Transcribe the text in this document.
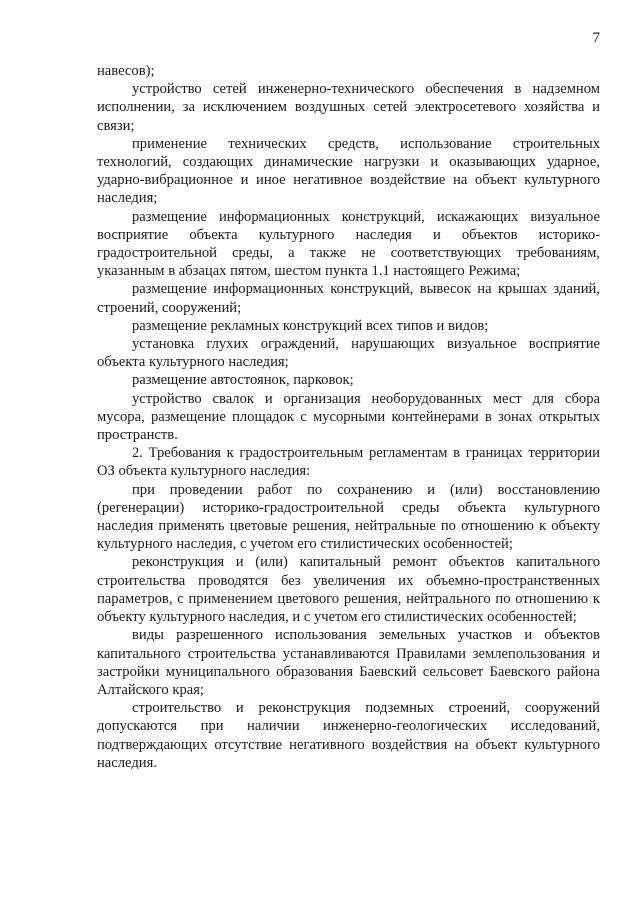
7

навесов);

устройство сетей инженерно-технического обеспечения в надземном исполнении, за исключением воздушных сетей электросетевого хозяйства и связи;

применение технических средств, использование строительных технологий, создающих динамические нагрузки и оказывающих ударное, ударно-вибрационное и иное негативное воздействие на объект культурного наследия;

размещение информационных конструкций, искажающих визуальное восприятие объекта культурного наследия и объектов историко-градостроительной среды, а также не соответствующих требованиям, указанным в абзацах пятом, шестом пункта 1.1 настоящего Режима;

размещение информационных конструкций, вывесок на крышах зданий, строений, сооружений;

размещение рекламных конструкций всех типов и видов;

установка глухих ограждений, нарушающих визуальное восприятие объекта культурного наследия;

размещение автостоянок, парковок;

устройство свалок и организация необорудованных мест для сбора мусора, размещение площадок с мусорными контейнерами в зонах открытых пространств.

2. Требования к градостроительным регламентам в границах территории ОЗ объекта культурного наследия:

при проведении работ по сохранению и (или) восстановлению (регенерации) историко-градостроительной среды объекта культурного наследия применять цветовые решения, нейтральные по отношению к объекту культурного наследия, с учетом его стилистических особенностей;

реконструкция и (или) капитальный ремонт объектов капитального строительства проводятся без увеличения их объемно-пространственных параметров, с применением цветового решения, нейтрального по отношению к объекту культурного наследия, и с учетом его стилистических особенностей;

виды разрешенного использования земельных участков и объектов капитального строительства устанавливаются Правилами землепользования и застройки муниципального образования Баевский сельсовет Баевского района Алтайского края;

строительство и реконструкция подземных строений, сооружений допускаются при наличии инженерно-геологических исследований, подтверждающих отсутствие негативного воздействия на объект культурного наследия.
